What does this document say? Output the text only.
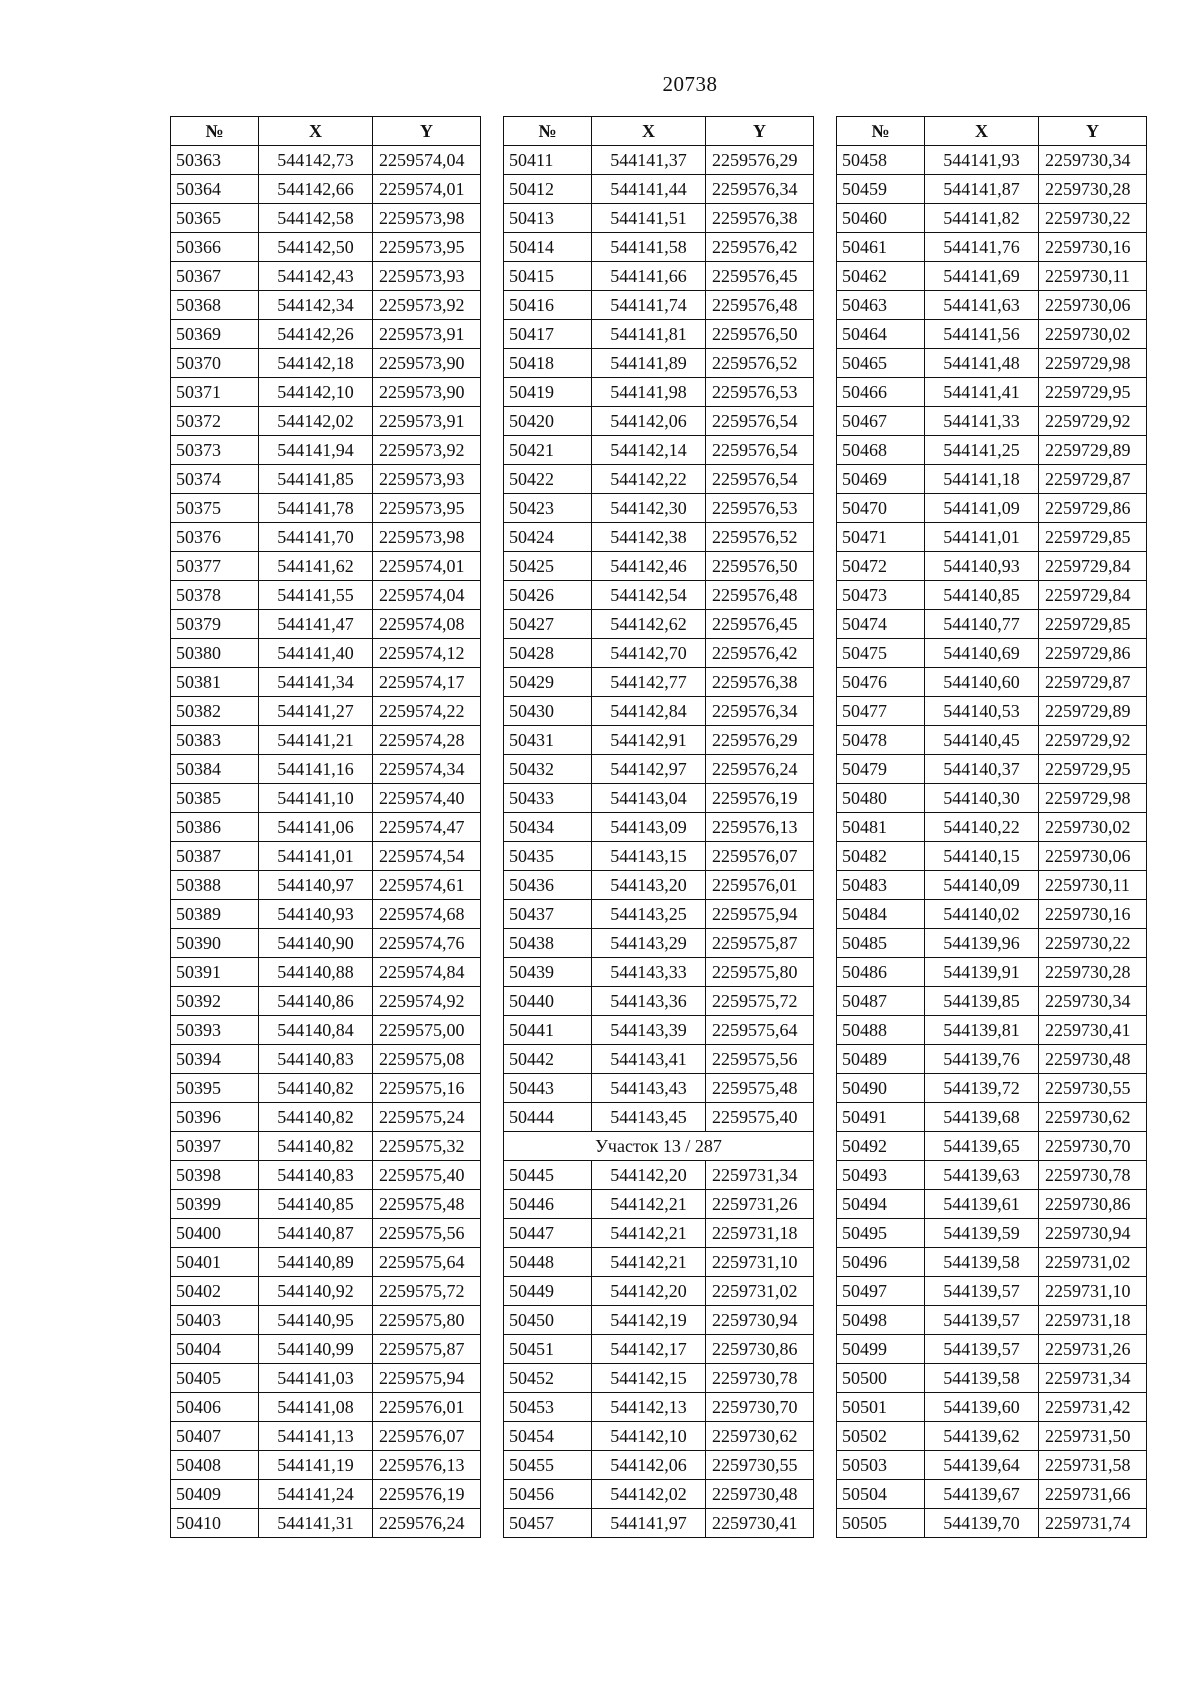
20738
№	X	Y
50363	544142,73	2259574,04
50364	544142,66	2259574,01
50365	544142,58	2259573,98
50366	544142,50	2259573,95
50367	544142,43	2259573,93
50368	544142,34	2259573,92
50369	544142,26	2259573,91
50370	544142,18	2259573,90
50371	544142,10	2259573,90
50372	544142,02	2259573,91
50373	544141,94	2259573,92
50374	544141,85	2259573,93
50375	544141,78	2259573,95
50376	544141,70	2259573,98
50377	544141,62	2259574,01
50378	544141,55	2259574,04
50379	544141,47	2259574,08
50380	544141,40	2259574,12
50381	544141,34	2259574,17
50382	544141,27	2259574,22
50383	544141,21	2259574,28
50384	544141,16	2259574,34
50385	544141,10	2259574,40
50386	544141,06	2259574,47
50387	544141,01	2259574,54
50388	544140,97	2259574,61
50389	544140,93	2259574,68
50390	544140,90	2259574,76
50391	544140,88	2259574,84
50392	544140,86	2259574,92
50393	544140,84	2259575,00
50394	544140,83	2259575,08
50395	544140,82	2259575,16
50396	544140,82	2259575,24
50397	544140,82	2259575,32
50398	544140,83	2259575,40
50399	544140,85	2259575,48
50400	544140,87	2259575,56
50401	544140,89	2259575,64
50402	544140,92	2259575,72
50403	544140,95	2259575,80
50404	544140,99	2259575,87
50405	544141,03	2259575,94
50406	544141,08	2259576,01
50407	544141,13	2259576,07
50408	544141,19	2259576,13
50409	544141,24	2259576,19
50410	544141,31	2259576,24
№	X	Y
50411	544141,37	2259576,29
50412	544141,44	2259576,34
50413	544141,51	2259576,38
50414	544141,58	2259576,42
50415	544141,66	2259576,45
50416	544141,74	2259576,48
50417	544141,81	2259576,50
50418	544141,89	2259576,52
50419	544141,98	2259576,53
50420	544142,06	2259576,54
50421	544142,14	2259576,54
50422	544142,22	2259576,54
50423	544142,30	2259576,53
50424	544142,38	2259576,52
50425	544142,46	2259576,50
50426	544142,54	2259576,48
50427	544142,62	2259576,45
50428	544142,70	2259576,42
50429	544142,77	2259576,38
50430	544142,84	2259576,34
50431	544142,91	2259576,29
50432	544142,97	2259576,24
50433	544143,04	2259576,19
50434	544143,09	2259576,13
50435	544143,15	2259576,07
50436	544143,20	2259576,01
50437	544143,25	2259575,94
50438	544143,29	2259575,87
50439	544143,33	2259575,80
50440	544143,36	2259575,72
50441	544143,39	2259575,64
50442	544143,41	2259575,56
50443	544143,43	2259575,48
50444	544143,45	2259575,40
Участок 13 / 287		
50445	544142,20	2259731,34
50446	544142,21	2259731,26
50447	544142,21	2259731,18
50448	544142,21	2259731,10
50449	544142,20	2259731,02
50450	544142,19	2259730,94
50451	544142,17	2259730,86
50452	544142,15	2259730,78
50453	544142,13	2259730,70
50454	544142,10	2259730,62
50455	544142,06	2259730,55
50456	544142,02	2259730,48
50457	544141,97	2259730,41
№	X	Y
50458	544141,93	2259730,34
50459	544141,87	2259730,28
50460	544141,82	2259730,22
50461	544141,76	2259730,16
50462	544141,69	2259730,11
50463	544141,63	2259730,06
50464	544141,56	2259730,02
50465	544141,48	2259729,98
50466	544141,41	2259729,95
50467	544141,33	2259729,92
50468	544141,25	2259729,89
50469	544141,18	2259729,87
50470	544141,09	2259729,86
50471	544141,01	2259729,85
50472	544140,93	2259729,84
50473	544140,85	2259729,84
50474	544140,77	2259729,85
50475	544140,69	2259729,86
50476	544140,60	2259729,87
50477	544140,53	2259729,89
50478	544140,45	2259729,92
50479	544140,37	2259729,95
50480	544140,30	2259729,98
50481	544140,22	2259730,02
50482	544140,15	2259730,06
50483	544140,09	2259730,11
50484	544140,02	2259730,16
50485	544139,96	2259730,22
50486	544139,91	2259730,28
50487	544139,85	2259730,34
50488	544139,81	2259730,41
50489	544139,76	2259730,48
50490	544139,72	2259730,55
50491	544139,68	2259730,62
50492	544139,65	2259730,70
50493	544139,63	2259730,78
50494	544139,61	2259730,86
50495	544139,59	2259730,94
50496	544139,58	2259731,02
50497	544139,57	2259731,10
50498	544139,57	2259731,18
50499	544139,57	2259731,26
50500	544139,58	2259731,34
50501	544139,60	2259731,42
50502	544139,62	2259731,50
50503	544139,64	2259731,58
50504	544139,67	2259731,66
50505	544139,70	2259731,74
